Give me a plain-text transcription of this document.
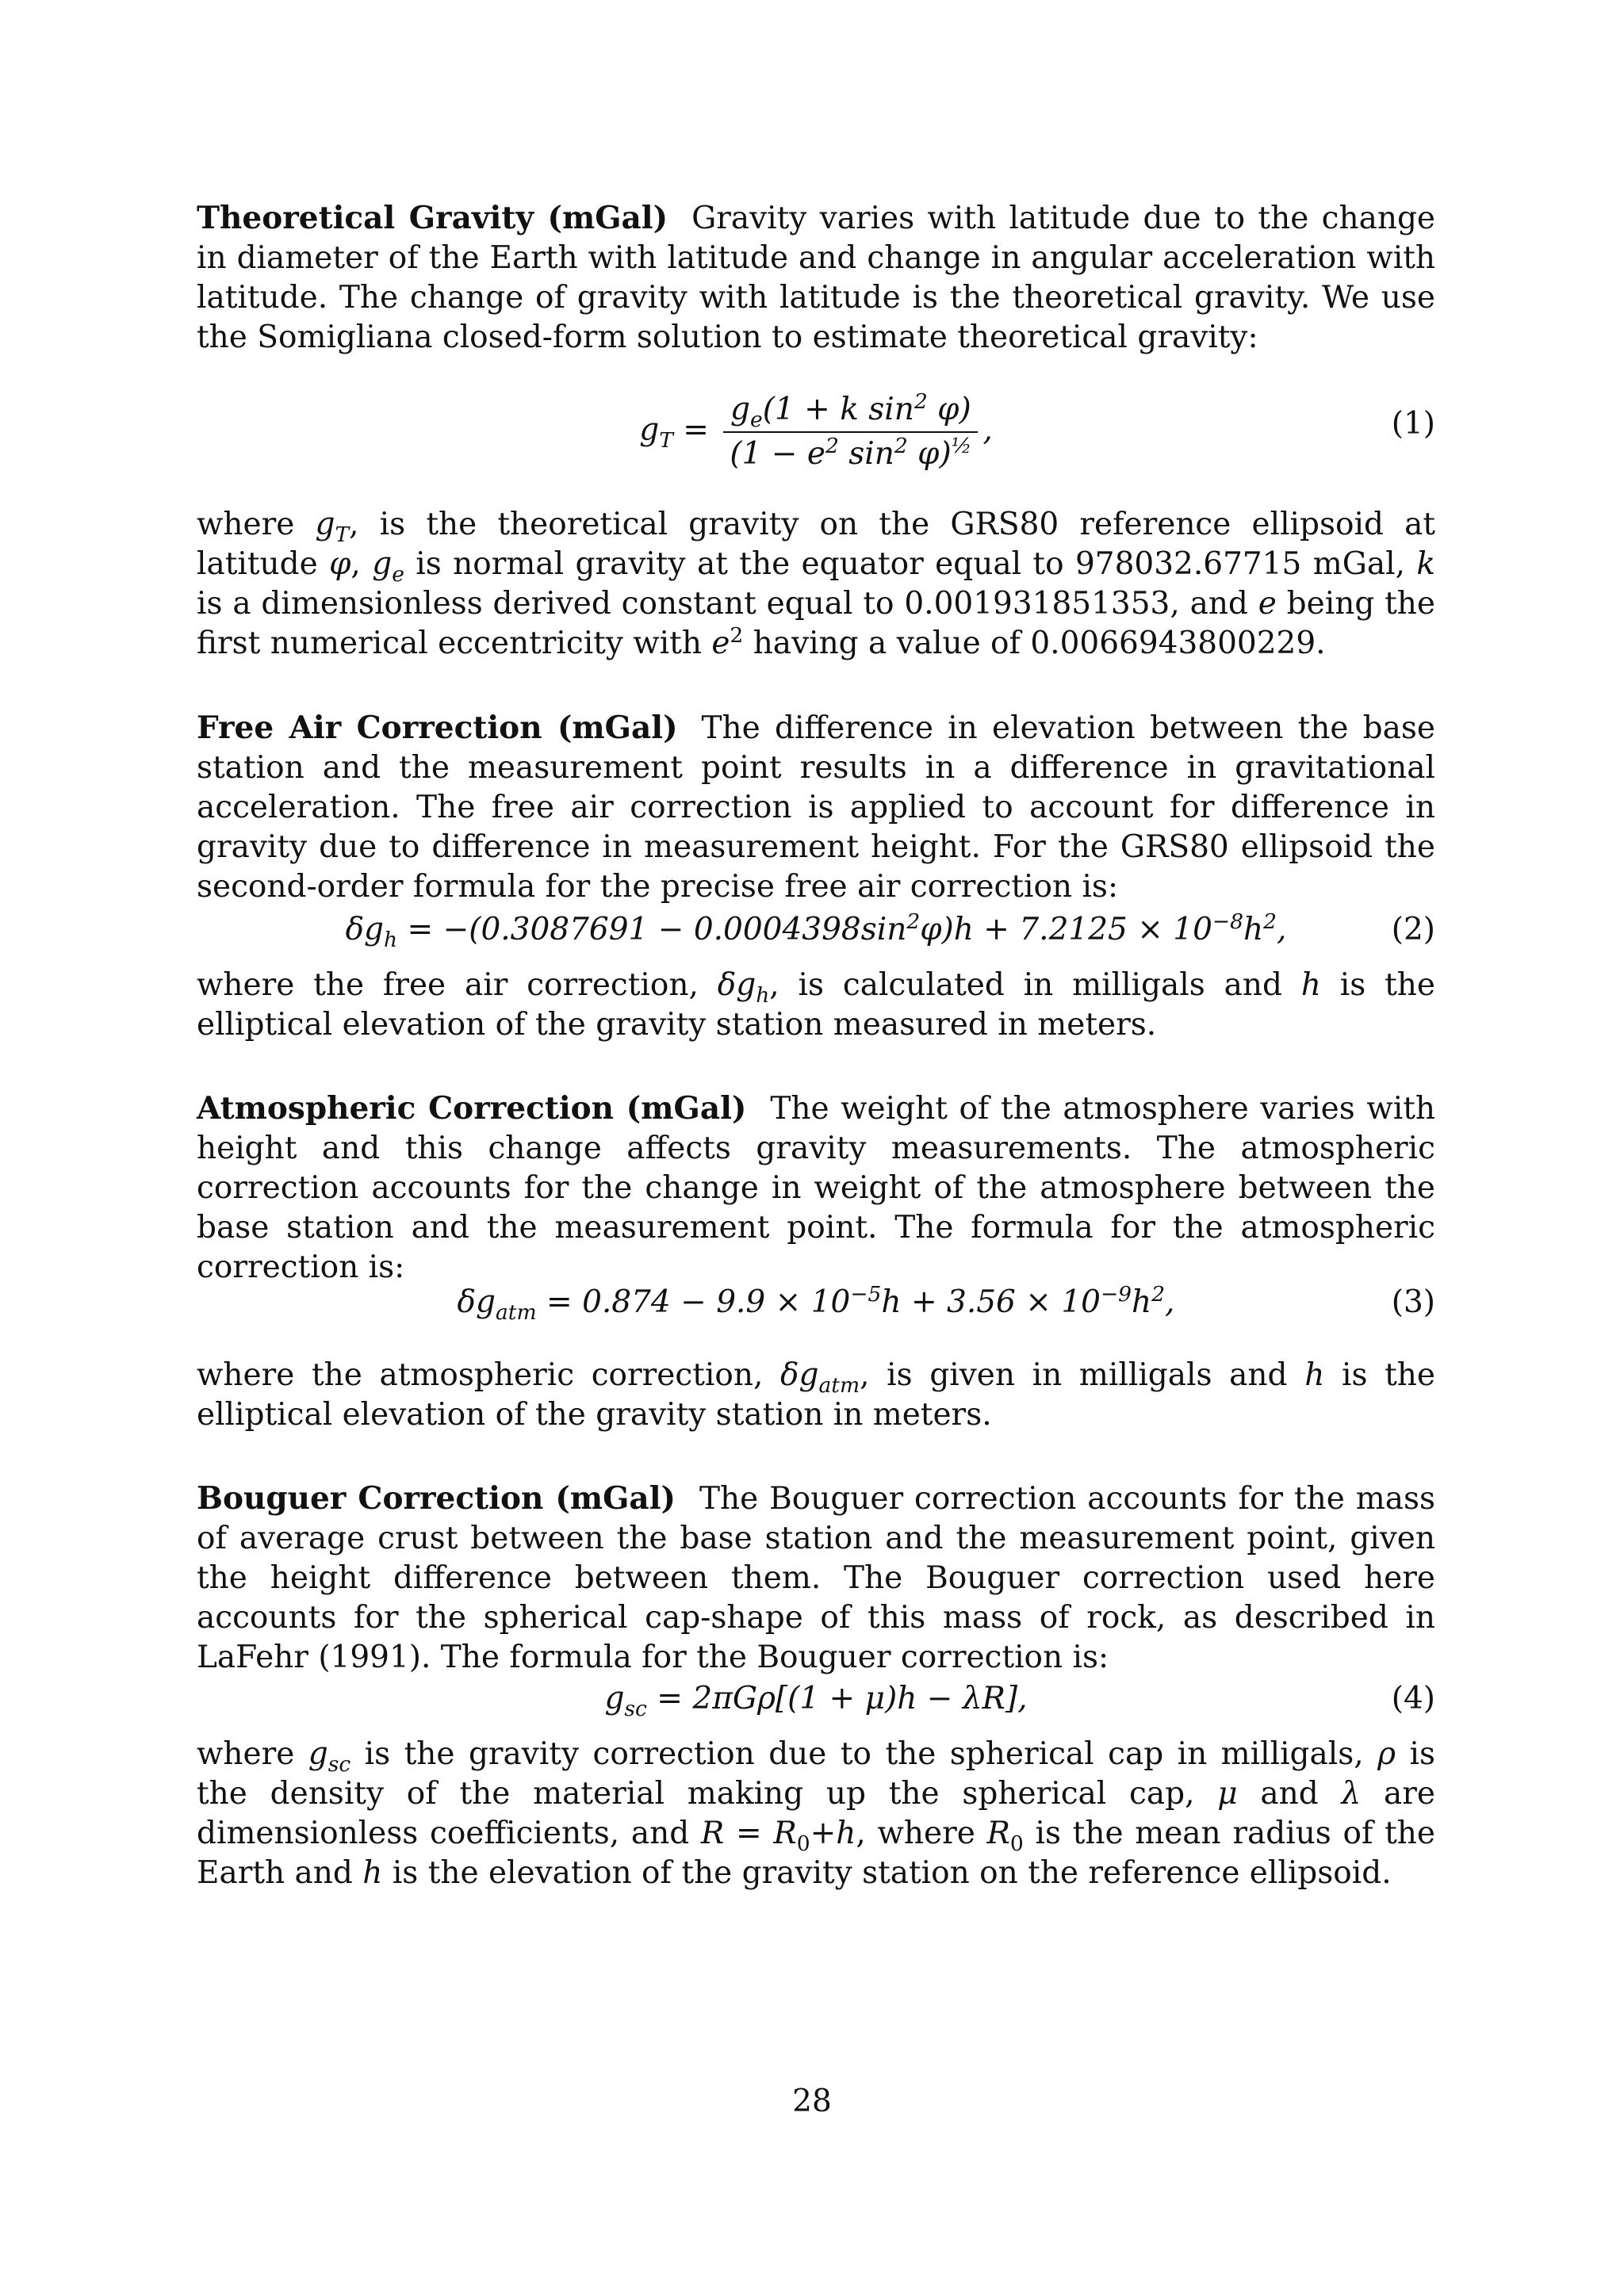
Theoretical Gravity (mGal) Gravity varies with latitude due to the change in diameter of the Earth with latitude and change in angular acceleration with latitude. The change of gravity with latitude is the theoretical gravity. We use the Somigliana closed-form solution to estimate theoretical gravity:

$g_T = \frac{g_e(1 + k \sin^2 \varphi)}{(1 - e^2 \sin^2 \varphi)^{\frac{1}{2}}}$ ,	(1)

where $g_T$, is the theoretical gravity on the GRS80 reference ellipsoid at latitude φ, $g_e$ is normal gravity at the equator equal to 978032.67715 mGal, k is a dimensionless derived constant equal to 0.001931851353, and e being the first numerical eccentricity with $e^2$ having a value of 0.0066943800229.

Free Air Correction (mGal) The difference in elevation between the base station and the measurement point results in a difference in gravitational acceleration. The free air correction is applied to account for difference in gravity due to difference in measurement height. For the GRS80 ellipsoid the second-order formula for the precise free air correction is:

$\delta g_h = -(0.3087691 - 0.0004398\sin^2\varphi)h + 7.2125 \times 10^{-8}h^2$,	(2)

where the free air correction, $\delta g_h$, is calculated in milligals and h is the elliptical elevation of the gravity station measured in meters.

Atmospheric Correction (mGal) The weight of the atmosphere varies with height and this change affects gravity measurements. The atmospheric correction accounts for the change in weight of the atmosphere between the base station and the measurement point. The formula for the atmospheric correction is:

$\delta g_{atm} = 0.874 - 9.9 \times 10^{-5}h + 3.56 \times 10^{-9}h^2$,	(3)

where the atmospheric correction, $\delta g_{atm}$, is given in milligals and h is the elliptical elevation of the gravity station in meters.

Bouguer Correction (mGal) The Bouguer correction accounts for the mass of average crust between the base station and the measurement point, given the height difference between them. The Bouguer correction used here accounts for the spherical cap-shape of this mass of rock, as described in LaFehr (1991). The formula for the Bouguer correction is:

$g_{sc} = 2\pi G\rho[(1 + \mu)h - \lambda R]$,	(4)

where $g_{sc}$ is the gravity correction due to the spherical cap in milligals, ρ is the density of the material making up the spherical cap, μ and λ are dimensionless coefficients, and $R = R_0+h$, where $R_0$ is the mean radius of the Earth and h is the elevation of the gravity station on the reference ellipsoid.

28
